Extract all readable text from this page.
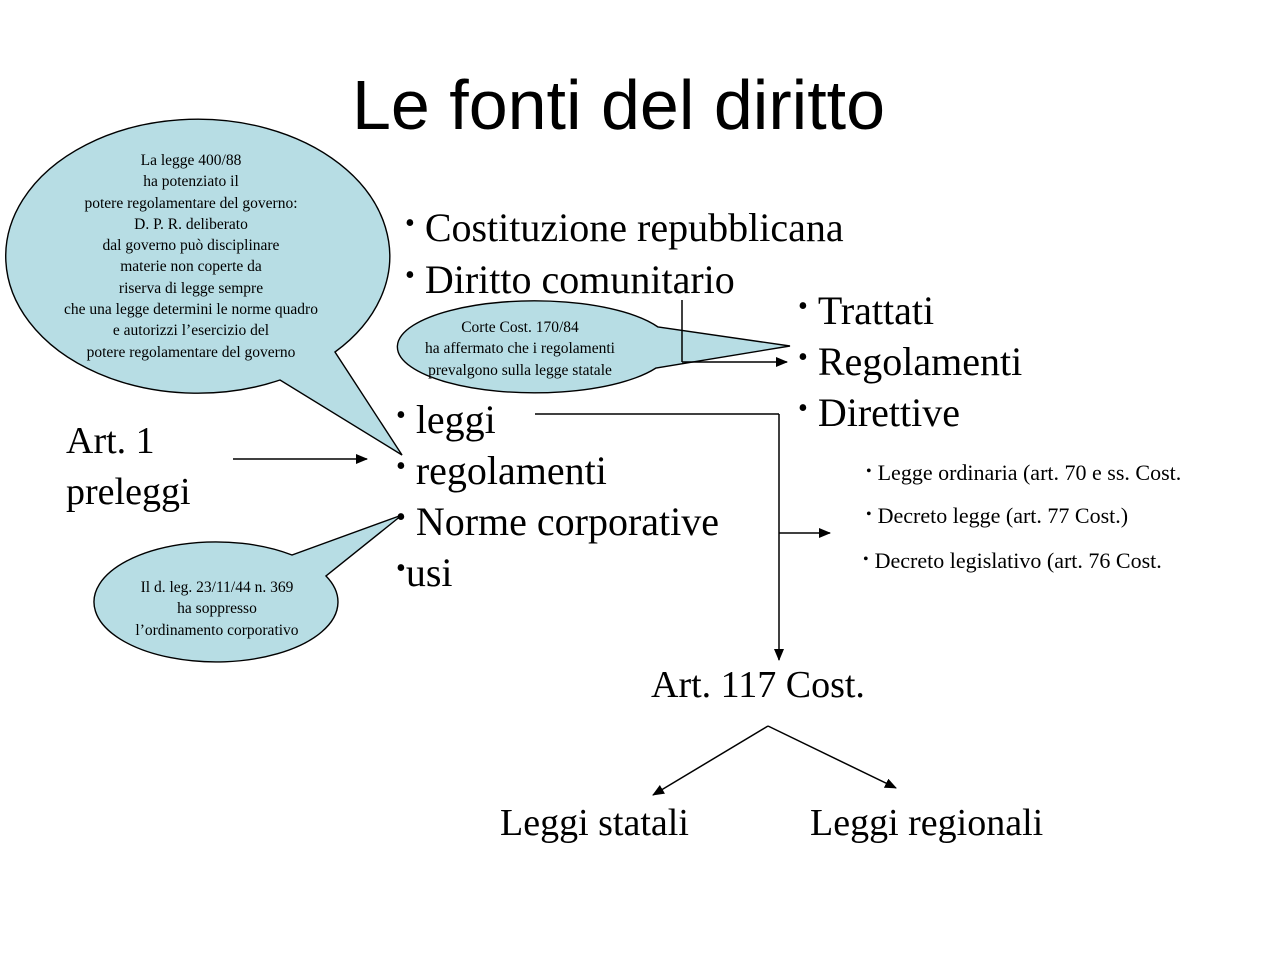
Le fonti del diritto
La legge 400/88
ha potenziato il
potere regolamentare del governo:
D. P. R. deliberato
dal governo può disciplinare
materie non coperte da
riserva di legge sempre
che una legge determini le norme quadro
e autorizzi l’esercizio del
potere regolamentare del governo
Corte Cost. 170/84
ha affermato che i regolamenti
prevalgono sulla legge statale
Il d. leg. 23/11/44 n. 369
ha soppresso
l’ordinamento corporativo
• Costituzione repubblicana
• Diritto comunitario
• Trattati
• Regolamenti
• Direttive
• leggi
• regolamenti
• Norme corporative
•usi
Art. 1
preleggi	• Legge ordinaria (art. 70 e ss. Cost.
• Decreto legge (art. 77 Cost.)
• Decreto legislativo (art. 76 Cost.
Art. 117 Cost.
Leggi statali	Leggi regionali
